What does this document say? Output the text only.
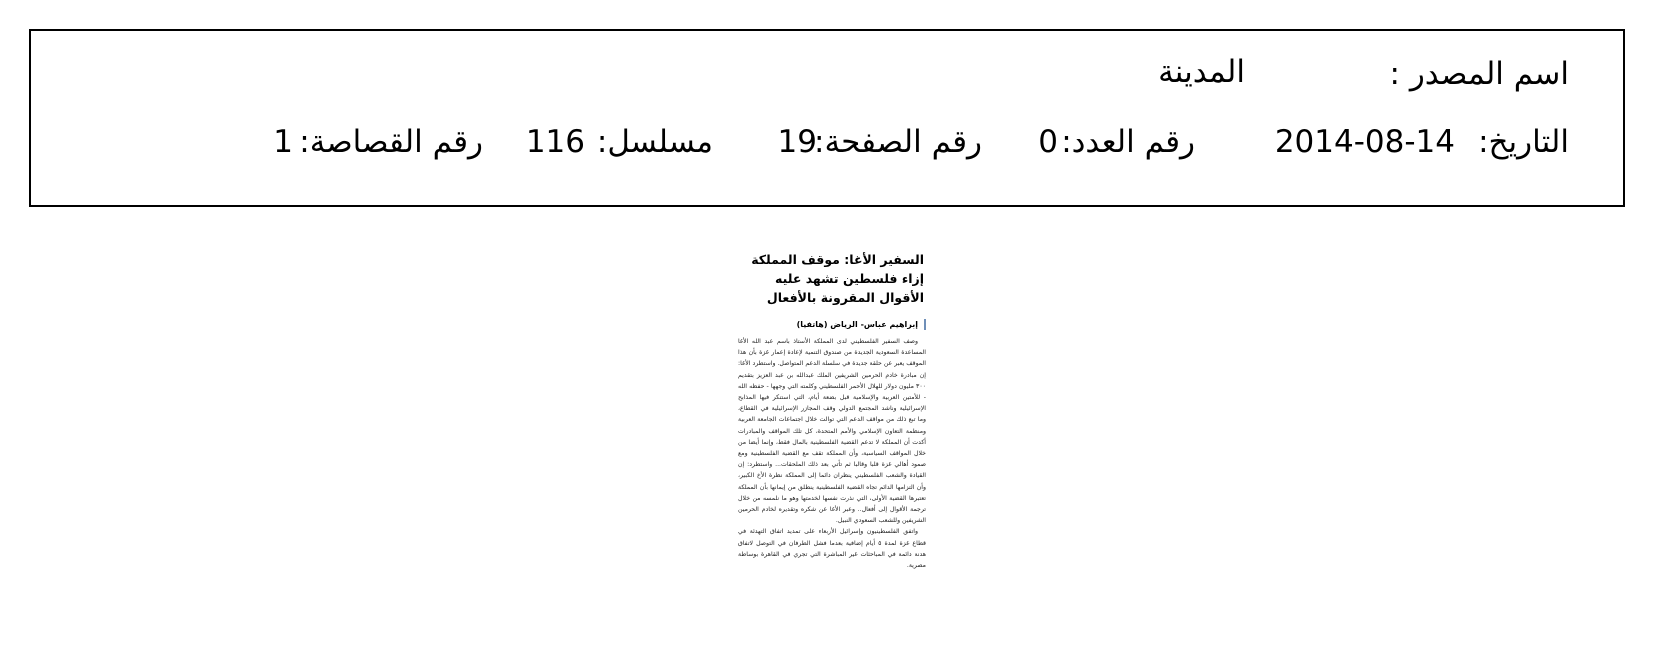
اسم المصدر :
المدينة
التاريخ:
2014-08-14
رقم العدد:
0
رقم الصفحة:
19
مسلسل:
116
رقم القصاصة:
1
السفير الأغا: موقف المملكة
إزاء فلسطين تشهد عليه
الأقوال المقرونة بالأفعال
إبراهيم عباس- الرياض (هاتفيا)

وصف السفير الفلسطيني لدى المملكة الأستاذ باسم عبد الله الأغا المساعدة السعودية الجديدة من صندوق التنمية لإعادة إعمار غزة بأن هذا الموقف يعبر عن حلقة جديدة في سلسلة الدعم المتواصل. واستطرد الأغا: إن مبادرة خادم الحرمين الشريفين الملك عبدالله بن عبد العزيز بتقديم ٣٠٠ مليون دولار للهلال الأحمر الفلسطيني وكلمته التي وجهها - حفظه الله - للأمتين العربية والإسلامية قبل بضعة أيام، التي استنكر فيها المذابح الإسرائيلية وناشد المجتمع الدولي وقف المجازر الإسرائيلية في القطاع، وما تبع ذلك من مواقف الدعم التي توالت خلال اجتماعات الجامعة العربية ومنظمة التعاون الإسلامي والأمم المتحدة، كل تلك المواقف والمبادرات أكدت أن المملكة لا تدعم القضية الفلسطينية بالمال فقط، وإنما أيضا من خلال المواقف السياسية، وأن المملكة تقف مع القضية الفلسطينية ومع صمود أهالي غزة قلبا وقالبا ثم تأتي بعد ذلك الملحقات... واستطرد: إن القيادة والشعب الفلسطيني ينظران دائما إلى المملكة نظرة الأخ الكبير، وأن التزامها الدائم تجاه القضية الفلسطينية ينطلق من إيمانها بأن المملكة تعتبرها القضية الأولى، التي نذرت نفسها لخدمتها وهو ما نلمسه من خلال ترجمة الأقوال إلى أفعال.. وعبر الأغا عن شكره وتقديره لخادم الحرمين الشريفين وللشعب السعودي النبيل.

واتفق الفلسطينيون وإسرائيل الأربعاء على تمديد اتفاق التهدئة في قطاع غزة لمدة ٥ أيام إضافية بعدما فشل الطرفان في التوصل لاتفاق هدنة دائمة في المباحثات غير المباشرة التي تجري في القاهرة بوساطة مصرية.
